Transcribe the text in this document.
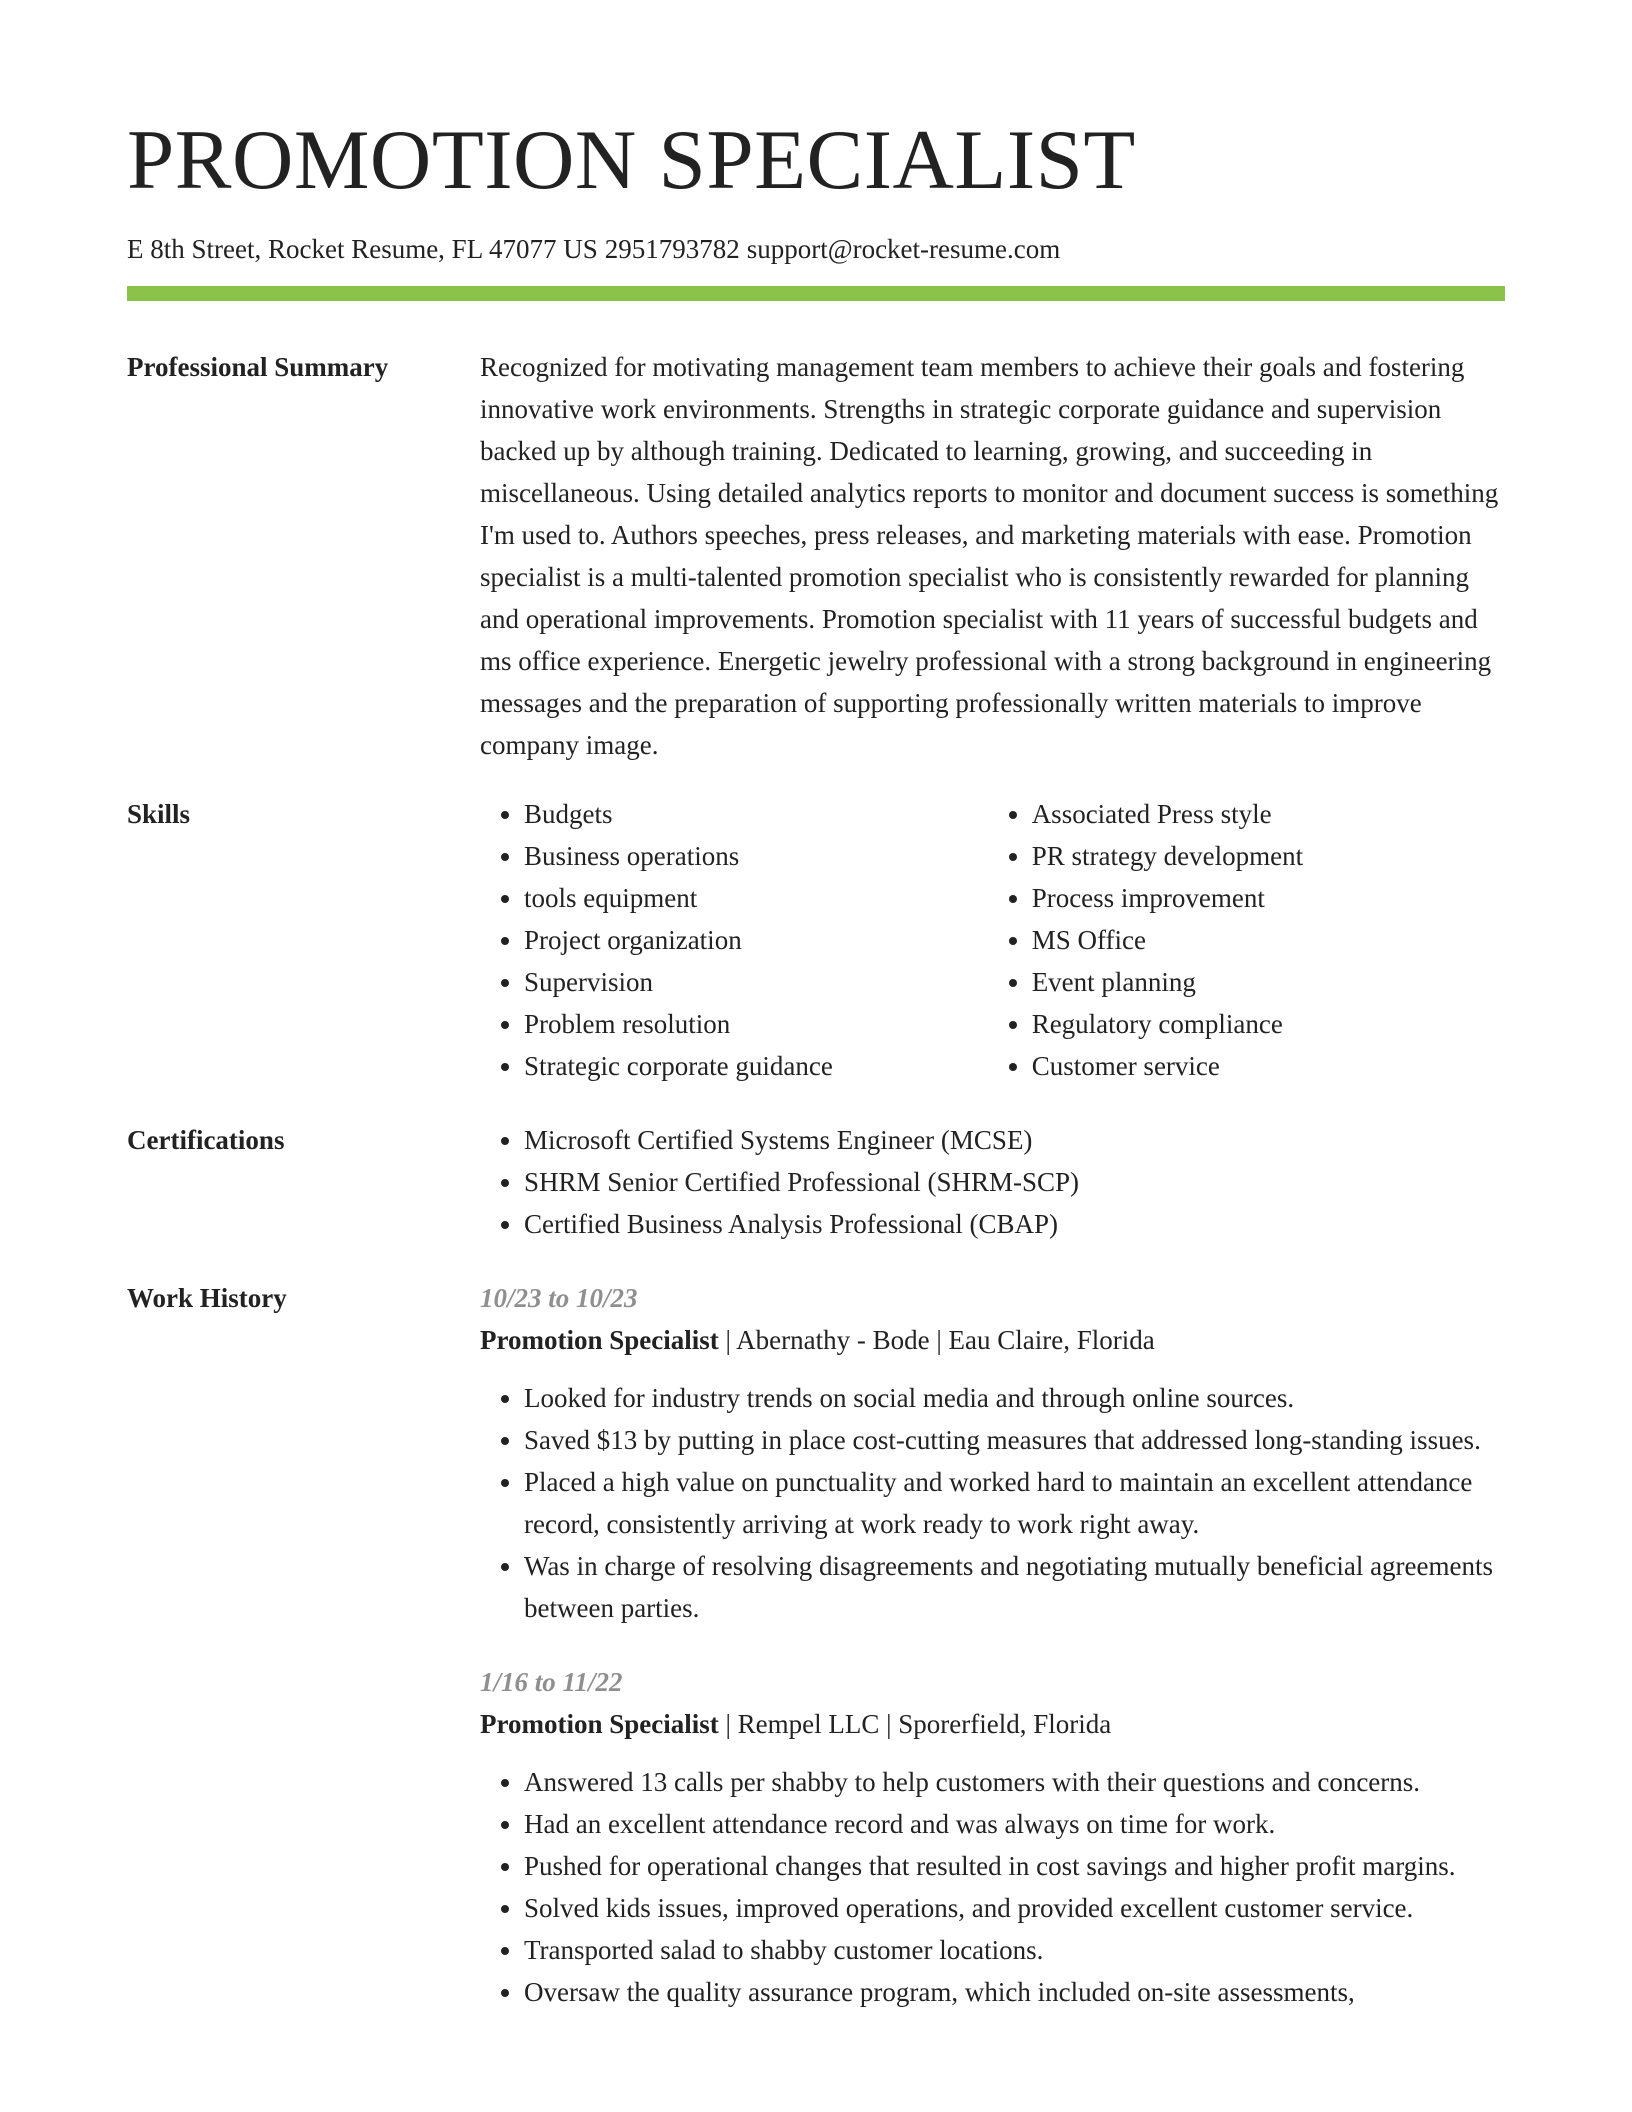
PROMOTION SPECIALIST
E 8th Street, Rocket Resume, FL 47077 US 2951793782 support@rocket-resume.com
Professional Summary	Recognized for motivating management team members to achieve their goals and fostering innovative work environments. Strengths in strategic corporate guidance and supervision backed up by although training. Dedicated to learning, growing, and succeeding in miscellaneous. Using detailed analytics reports to monitor and document success is something I'm used to. Authors speeches, press releases, and marketing materials with ease. Promotion specialist is a multi-talented promotion specialist who is consistently rewarded for planning and operational improvements. Promotion specialist with 11 years of successful budgets and ms office experience. Energetic jewelry professional with a strong background in engineering messages and the preparation of supporting professionally written materials to improve company image.

Skills	• Budgets
• Business operations
• tools equipment
• Project organization
• Supervision
• Problem resolution
• Strategic corporate guidance
• Associated Press style
• PR strategy development
• Process improvement
• MS Office
• Event planning
• Regulatory compliance
• Customer service
Certifications	• Microsoft Certified Systems Engineer (MCSE)
• SHRM Senior Certified Professional (SHRM-SCP)
• Certified Business Analysis Professional (CBAP)
Work History	10/23 to 10/23

Promotion Specialist | Abernathy - Bode | Eau Claire, Florida

• Looked for industry trends on social media and through online sources.
• Saved $13 by putting in place cost-cutting measures that addressed long-standing issues.
• Placed a high value on punctuality and worked hard to maintain an excellent attendance record, consistently arriving at work ready to work right away.
• Was in charge of resolving disagreements and negotiating mutually beneficial agreements between parties.
1/16 to 11/22

Promotion Specialist | Rempel LLC | Sporerfield, Florida

• Answered 13 calls per shabby to help customers with their questions and concerns.
• Had an excellent attendance record and was always on time for work.
• Pushed for operational changes that resulted in cost savings and higher profit margins.
• Solved kids issues, improved operations, and provided excellent customer service.
• Transported salad to shabby customer locations.
• Oversaw the quality assurance program, which included on-site assessments,
